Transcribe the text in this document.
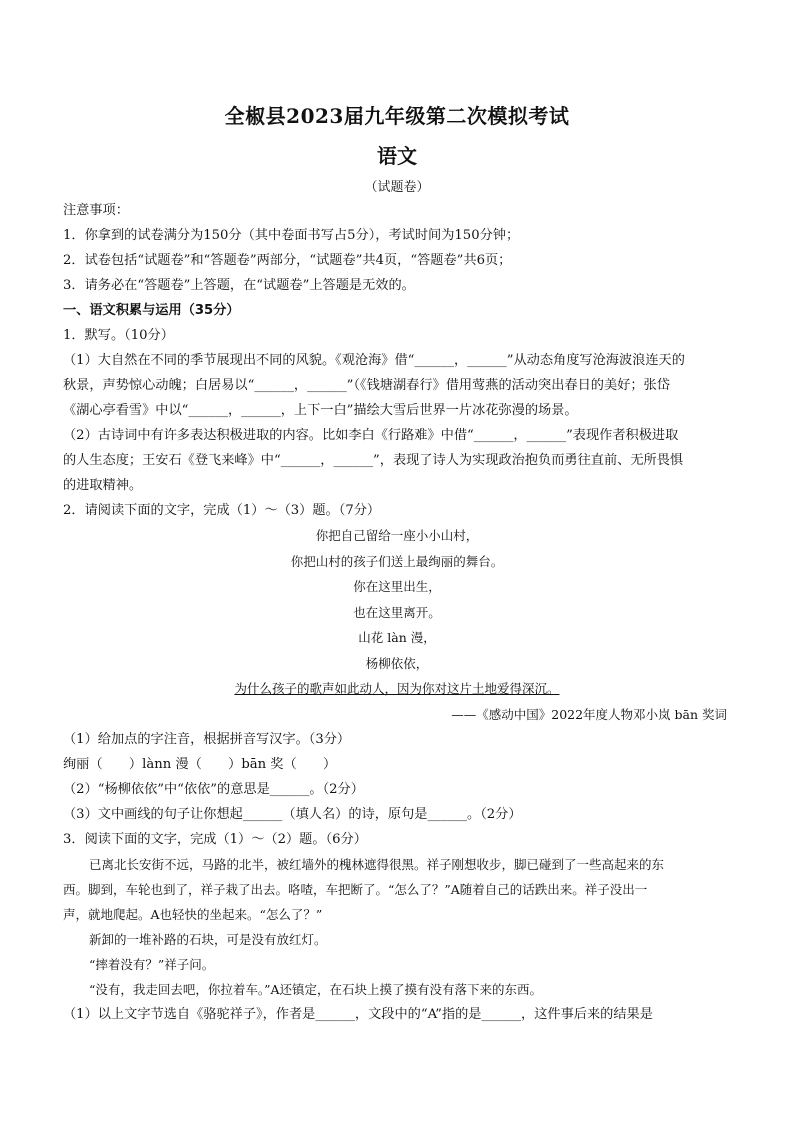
全椒县2023届九年级第二次模拟考试
语文
（试题卷）
注意事项：
1．你拿到的试卷满分为150分（其中卷面书写占5分），考试时间为150分钟；
2．试卷包括“试题卷”和“答题卷”两部分，“试题卷”共4页，“答题卷”共6页；
3．请务必在“答题卷”上答题，在“试题卷”上答题是无效的。
一、语文积累与运用（35分）
1．默写。（10分）
（1）大自然在不同的季节展现出不同的风貌。《观沧海》借“______，______”从动态角度写沧海波浪连天的
秋景，声势惊心动魄；白居易以“______，______”（《钱塘湖春行》借用莺燕的活动突出春日的美好；张岱
《湖心亭看雪》中以“______，______，上下一白”描绘大雪后世界一片冰花弥漫的场景。
（2）古诗词中有许多表达积极进取的内容。比如李白《行路难》中借“______，______”表现作者积极进取
的人生态度；王安石《登飞来峰》中“______，______”，表现了诗人为实现政治抱负而勇往直前、无所畏惧
的进取精神。
2．请阅读下面的文字，完成（1）～（3）题。（7分）
你把自己留给一座小小山村，
你把山村的孩子们送上最绚丽的舞台。
你在这里出生，
也在这里离开。
山花 làn 漫，
杨柳依依，
为什么孩子的歌声如此动人，因为你对这片土地爱得深沉。
——《感动中国》2022年度人物邓小岚 bān 奖词
（1）给加点的字注音，根据拼音写汉字。（3分）
绚丽（　　）lànn 漫（　　）bān 奖（　　）
（2）“杨柳依依”中“依依”的意思是______。（2分）
（3）文中画线的句子让你想起______（填人名）的诗，原句是______。（2分）
3．阅读下面的文字，完成（1）～（2）题。（6分）
已离北长安街不远，马路的北半，被红墙外的槐林遮得很黑。祥子刚想收步，脚已碰到了一些高起来的东
西。脚到，车轮也到了，祥子栽了出去。咯喳，车把断了。“怎么了？”A随着自己的话跌出来。祥子没出一
声，就地爬起。A也轻快的坐起来。“怎么了？”
新卸的一堆补路的石块，可是没有放红灯。
“摔着没有？”祥子问。
“没有，我走回去吧，你拉着车。”A还镇定，在石块上摸了摸有没有落下来的东西。
（1）以上文字节选自《骆驼祥子》，作者是______，文段中的“A”指的是______，这件事后来的结果是
